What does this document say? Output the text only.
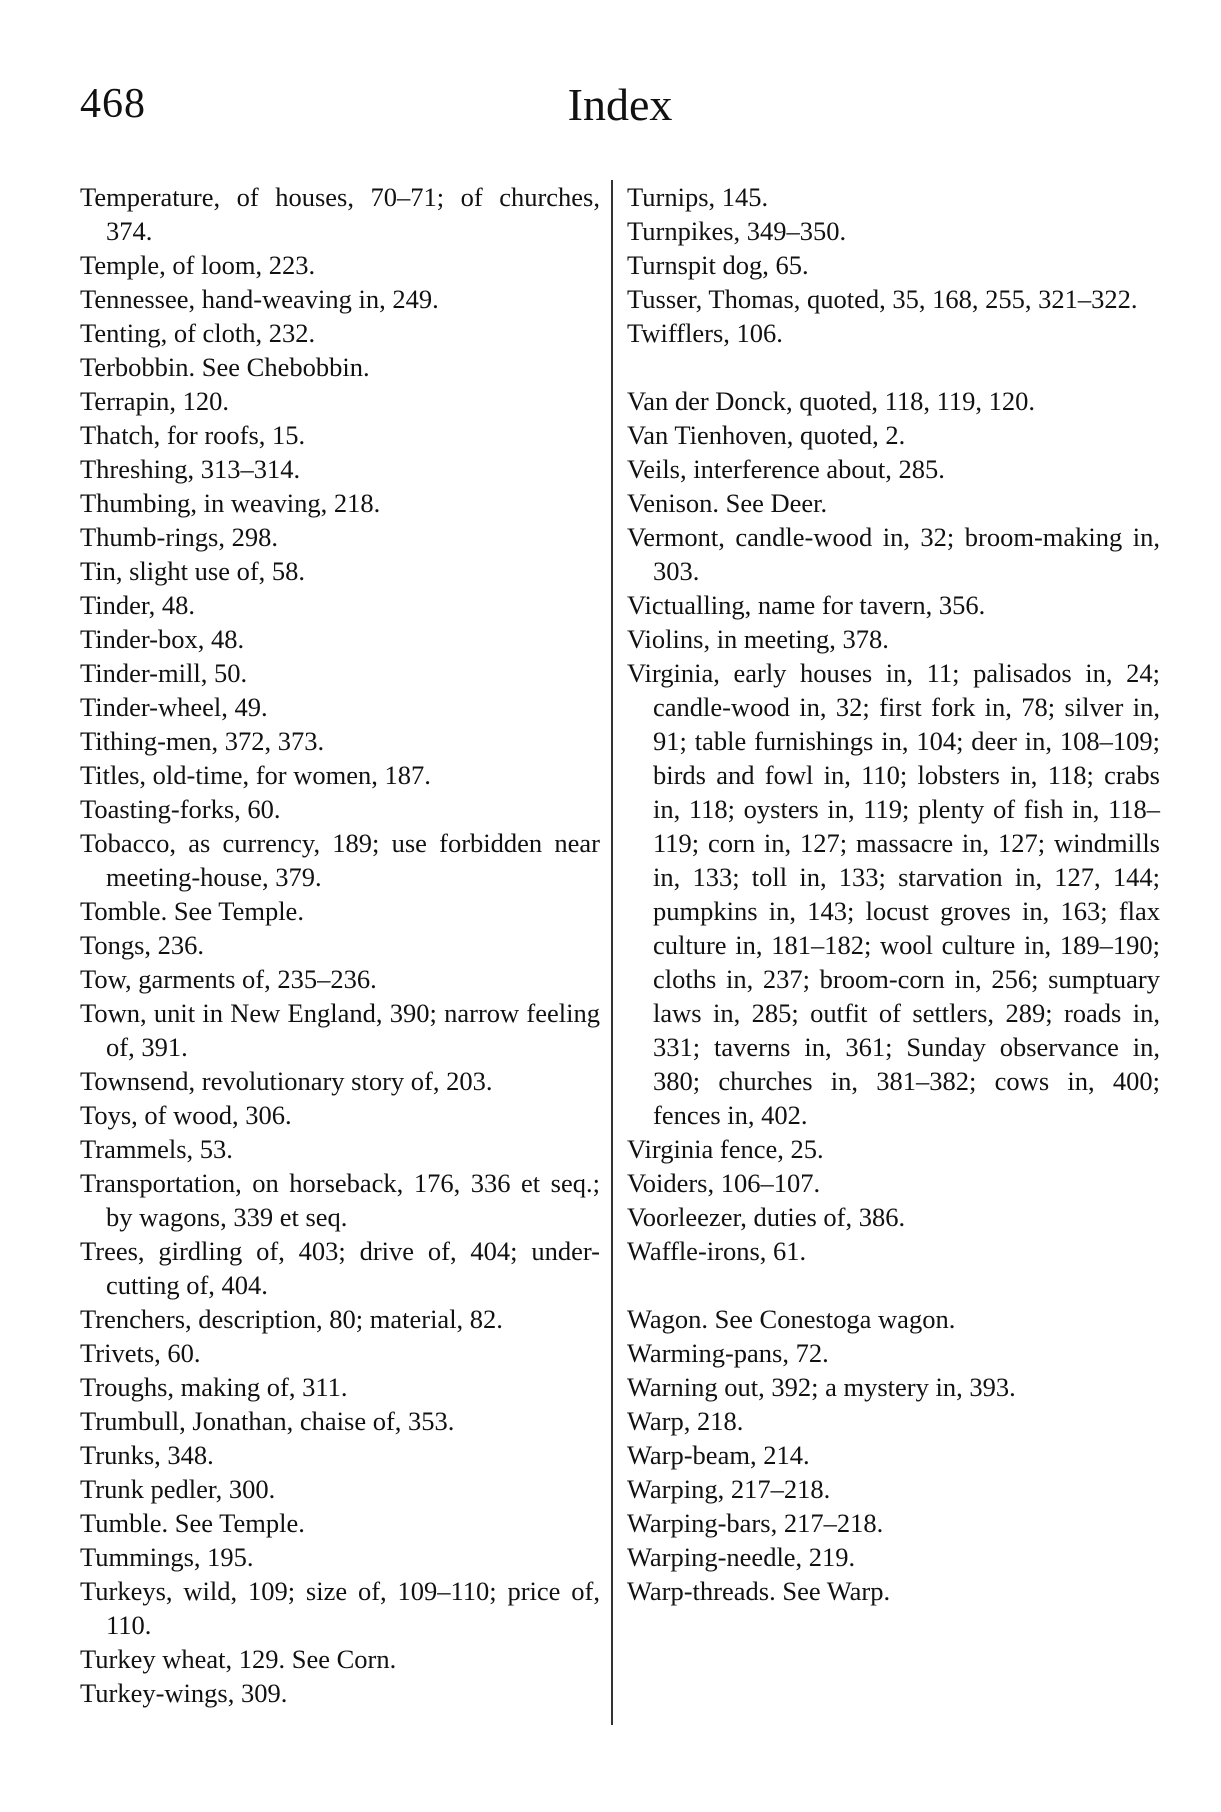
468	Index
Temperature, of houses, 70–71; of churches, 374.
Temple, of loom, 223.
Tennessee, hand-weaving in, 249.
Tenting, of cloth, 232.
Terbobbin. See Chebobbin.
Terrapin, 120.
Thatch, for roofs, 15.
Threshing, 313–314.
Thumbing, in weaving, 218.
Thumb-rings, 298.
Tin, slight use of, 58.
Tinder, 48.
Tinder-box, 48.
Tinder-mill, 50.
Tinder-wheel, 49.
Tithing-men, 372, 373.
Titles, old-time, for women, 187.
Toasting-forks, 60.
Tobacco, as currency, 189; use forbidden near meeting-house, 379.
Tomble. See Temple.
Tongs, 236.
Tow, garments of, 235–236.
Town, unit in New England, 390; narrow feeling of, 391.
Townsend, revolutionary story of, 203.
Toys, of wood, 306.
Trammels, 53.
Transportation, on horseback, 176, 336 et seq.; by wagons, 339 et seq.
Trees, girdling of, 403; drive of, 404; under-cutting of, 404.
Trenchers, description, 80; material, 82.
Trivets, 60.
Troughs, making of, 311.
Trumbull, Jonathan, chaise of, 353.
Trunks, 348.
Trunk pedler, 300.
Tumble. See Temple.
Tummings, 195.
Turkeys, wild, 109; size of, 109–110; price of, 110.
Turkey wheat, 129. See Corn.
Turkey-wings, 309.
Turnips, 145.
Turnpikes, 349–350.
Turnspit dog, 65.
Tusser, Thomas, quoted, 35, 168, 255, 321–322.
Twifflers, 106.
Van der Donck, quoted, 118, 119, 120.
Van Tienhoven, quoted, 2.
Veils, interference about, 285.
Venison. See Deer.
Vermont, candle-wood in, 32; broom-making in, 303.
Victualling, name for tavern, 356.
Violins, in meeting, 378.
Virginia, early houses in, 11; palisados in, 24; candle-wood in, 32; first fork in, 78; silver in, 91; table furnishings in, 104; deer in, 108–109; birds and fowl in, 110; lobsters in, 118; crabs in, 118; oysters in, 119; plenty of fish in, 118–119; corn in, 127; massacre in, 127; windmills in, 133; toll in, 133; starvation in, 127, 144; pumpkins in, 143; locust groves in, 163; flax culture in, 181–182; wool culture in, 189–190; cloths in, 237; broom-corn in, 256; sumptuary laws in, 285; outfit of settlers, 289; roads in, 331; taverns in, 361; Sunday observance in, 380; churches in, 381–382; cows in, 400; fences in, 402.
Virginia fence, 25.
Voiders, 106–107.
Voorleezer, duties of, 386.
Waffle-irons, 61.
Wagon. See Conestoga wagon.
Warming-pans, 72.
Warning out, 392; a mystery in, 393.
Warp, 218.
Warp-beam, 214.
Warping, 217–218.
Warping-bars, 217–218.
Warping-needle, 219.
Warp-threads. See Warp.
